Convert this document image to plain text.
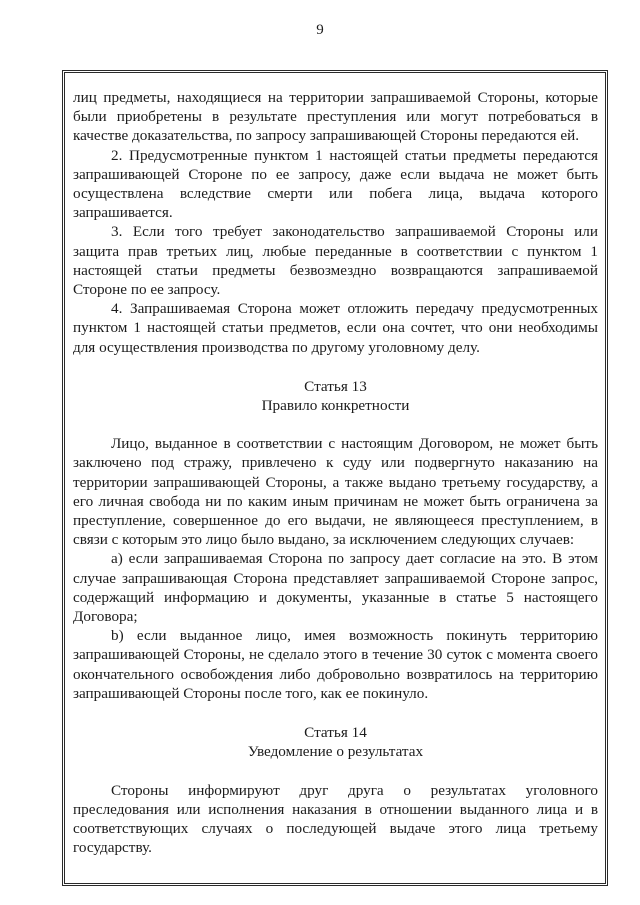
9

лиц предметы, находящиеся на территории запрашиваемой Стороны, которые были приобретены в результате преступления или могут потребоваться в качестве доказательства, по запросу запрашивающей Стороны передаются ей.

2. Предусмотренные пунктом 1 настоящей статьи предметы передаются запрашивающей Стороне по ее запросу, даже если выдача не может быть осуществлена вследствие смерти или побега лица, выдача которого запрашивается.

3. Если того требует законодательство запрашиваемой Стороны или защита прав третьих лиц, любые переданные в соответствии с пунктом 1 настоящей статьи предметы безвозмездно возвращаются запрашиваемой Стороне по ее запросу.

4. Запрашиваемая Сторона может отложить передачу предусмотренных пунктом 1 настоящей статьи предметов, если она сочтет, что они необходимы для осуществления производства по другому уголовному делу.

Статья 13
Правило конкретности

Лицо, выданное в соответствии с настоящим Договором, не может быть заключено под стражу, привлечено к суду или подвергнуто наказанию на территории запрашивающей Стороны, а также выдано третьему государству, а его личная свобода ни по каким иным причинам не может быть ограничена за преступление, совершенное до его выдачи, не являющееся преступлением, в связи с которым это лицо было выдано, за исключением следующих случаев:

a) если запрашиваемая Сторона по запросу дает согласие на это. В этом случае запрашивающая Сторона представляет запрашиваемой Стороне запрос, содержащий информацию и документы, указанные в статье 5 настоящего Договора;

b) если выданное лицо, имея возможность покинуть территорию запрашивающей Стороны, не сделало этого в течение 30 суток с момента своего окончательного освобождения либо добровольно возвратилось на территорию запрашивающей Стороны после того, как ее покинуло.

Статья 14
Уведомление о результатах

Стороны информируют друг друга о результатах уголовного преследования или исполнения наказания в отношении выданного лица и в соответствующих случаях о последующей выдаче этого лица третьему государству.
